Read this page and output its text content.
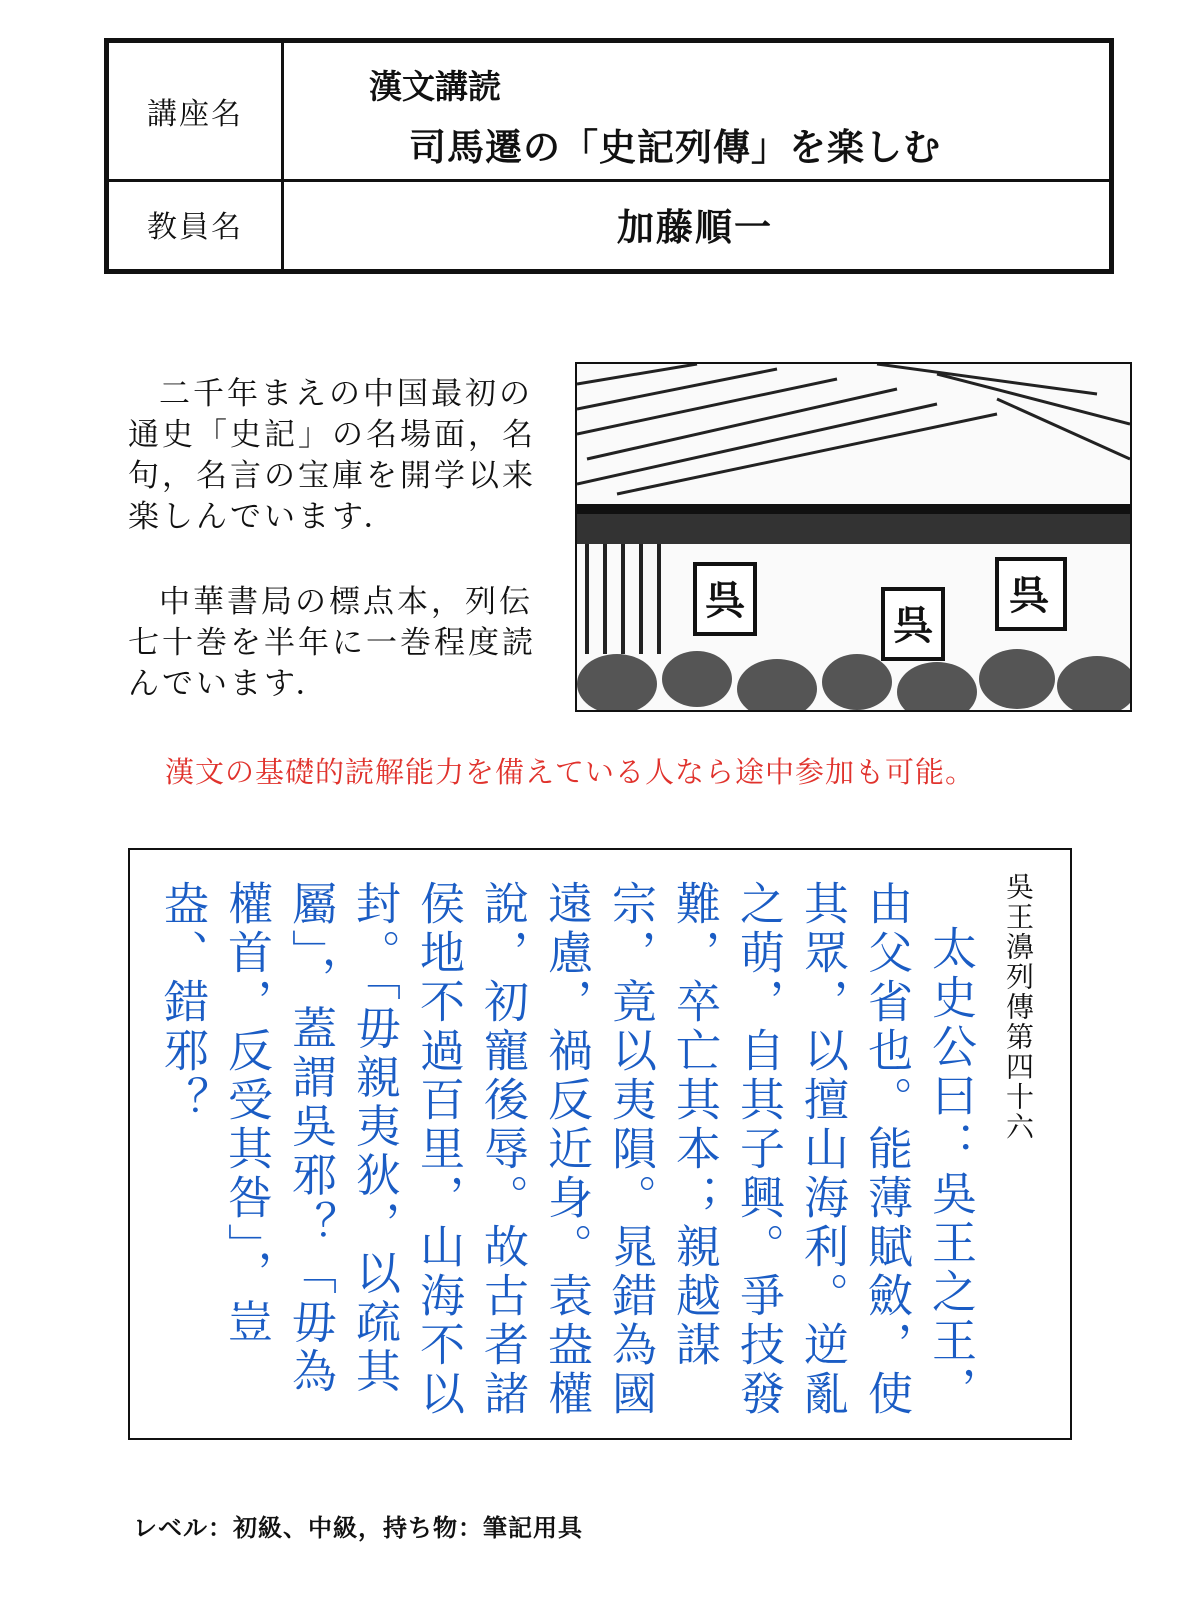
講座名
漢文講読
司馬遷の「史記列傳」を楽しむ
教員名	加藤順一
二千年まえの中国最初の通史「史記」の名場面，名句，名言の宝庫を開学以来楽しんでいます．
中華書局の標点本，列伝七十巻を半年に一巻程度読んでいます．
呉
呉
呉
漢文の基礎的読解能力を備えている人なら途中参加も可能。
吳王濞列傳第四十六

太史公曰：吳王之王，由父省也。能薄賦斂，使其眾，以擅山海利。逆亂之萌，自其子興。爭技發難，卒亡其本；親越謀宗，竟以夷隕。晁錯為國遠慮，禍反近身。袁盎權說，初寵後辱。故古者諸侯地不過百里，山海不以封。「毋親夷狄，以疏其屬」，蓋謂吳邪？「毋為權首，反受其咎」，豈盎、錯邪？

レベル：初級、中級，持ち物：筆記用具
